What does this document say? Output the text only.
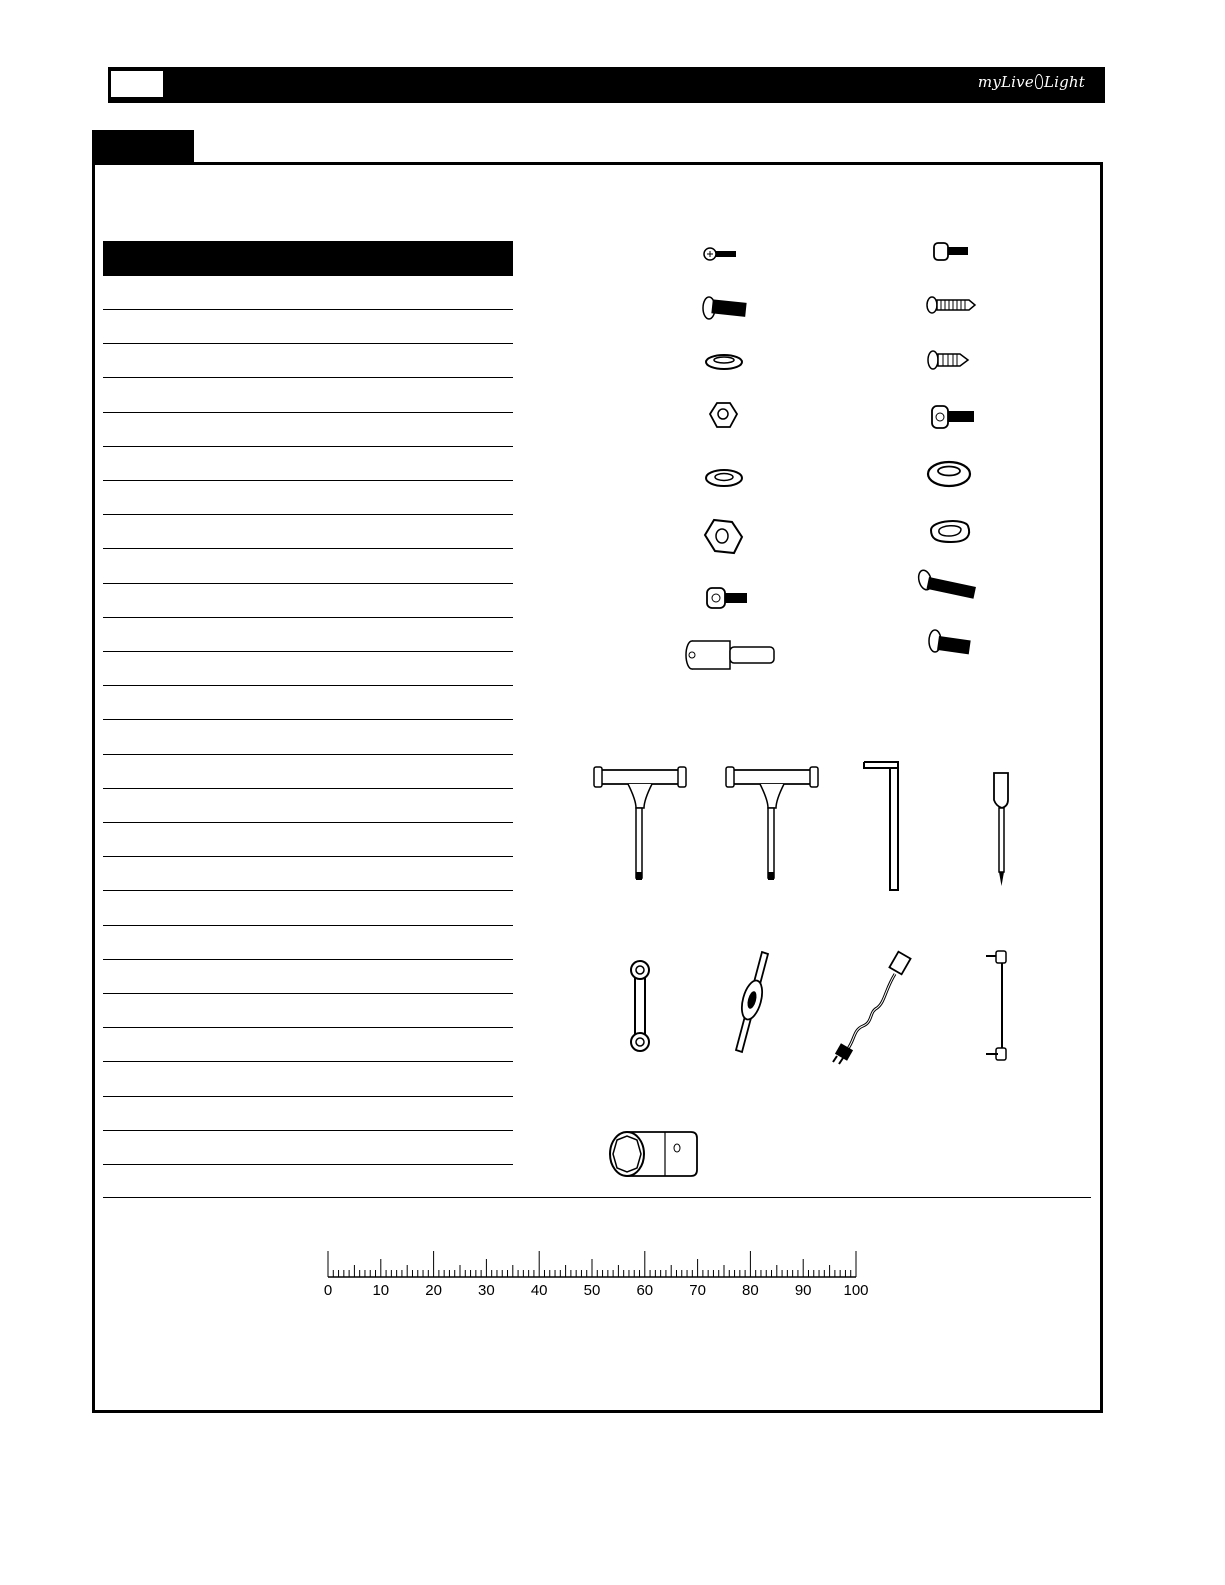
myLive Light
0	10 20 30 40 50 60 70 80 90 100
